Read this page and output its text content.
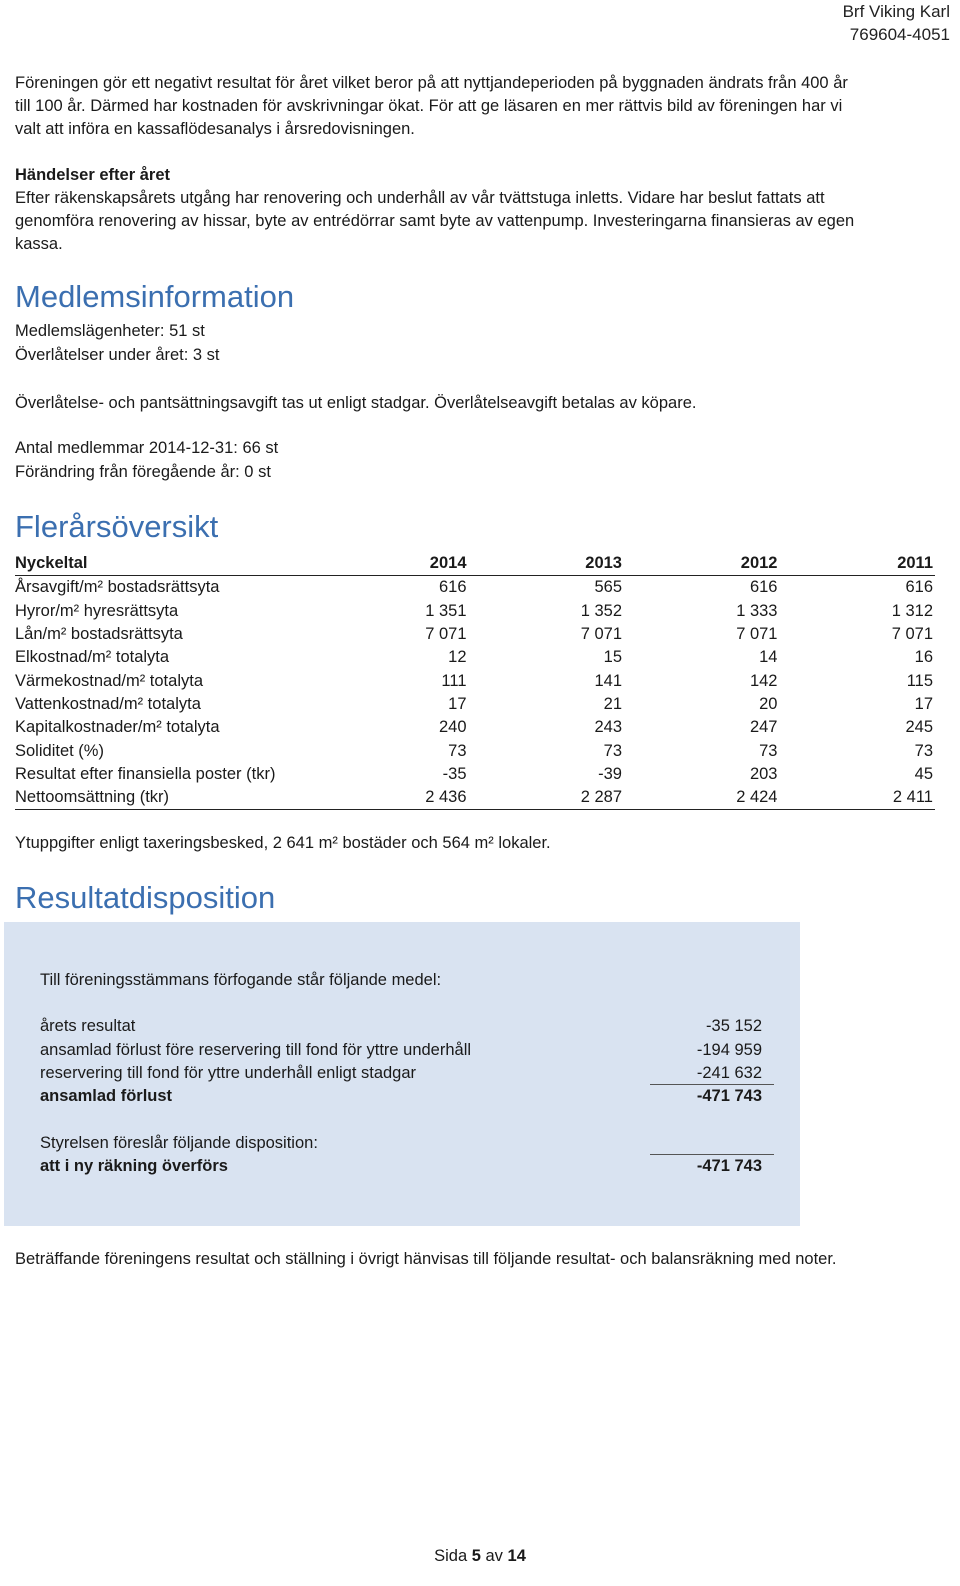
Brf Viking Karl
769604-4051

Föreningen gör ett negativt resultat för året vilket beror på att nyttjandeperioden på byggnaden ändrats från 400 år

till 100 år. Därmed har kostnaden för avskrivningar ökat. För att ge läsaren en mer rättvis bild av föreningen har vi

valt att införa en kassaflödesanalys i årsredovisningen.

Händelser efter året

Efter räkenskapsårets utgång har renovering och underhåll av vår tvättstuga inletts. Vidare har beslut fattats att

genomföra renovering av hissar, byte av entrédörrar samt byte av vattenpump. Investeringarna finansieras av egen

kassa.

Medlemsinformation

Medlemslägenheter: 51 st

Överlåtelser under året: 3 st

Överlåtelse- och pantsättningsavgift tas ut enligt stadgar. Överlåtelseavgift betalas av köpare.

Antal medlemmar 2014-12-31: 66 st

Förändring från föregående år: 0 st

Flerårsöversikt
Nyckeltal	2014	2013	2012	2011
Årsavgift/m² bostadsrättsyta	616	565	616	616
Hyror/m² hyresrättsyta	1 351	1 352	1 333	1 312
Lån/m² bostadsrättsyta	7 071	7 071	7 071	7 071
Elkostnad/m² totalyta	12	15	14	16
Värmekostnad/m² totalyta	111	141	142	115
Vattenkostnad/m² totalyta	17	21	20	17
Kapitalkostnader/m² totalyta	240	243	247	245
Soliditet (%)	73	73	73	73
Resultat efter finansiella poster (tkr)	-35	-39	203	45
Nettoomsättning (tkr)	2 436	2 287	2 424	2 411

Ytuppgifter enligt taxeringsbesked, 2 641 m² bostäder och 564 m² lokaler.

Resultatdisposition
Till föreningsstämmans förfogande står följande medel:
årets resultat	-35 152
ansamlad förlust före reservering till fond för yttre underhåll	-194 959
reservering till fond för yttre underhåll enligt stadgar	-241 632
ansamlad förlust	-471 743
Styrelsen föreslår följande disposition:
att i ny räkning överförs	-471 743

Beträffande föreningens resultat och ställning i övrigt hänvisas till följande resultat- och balansräkning med noter.

Sida 5 av 14
